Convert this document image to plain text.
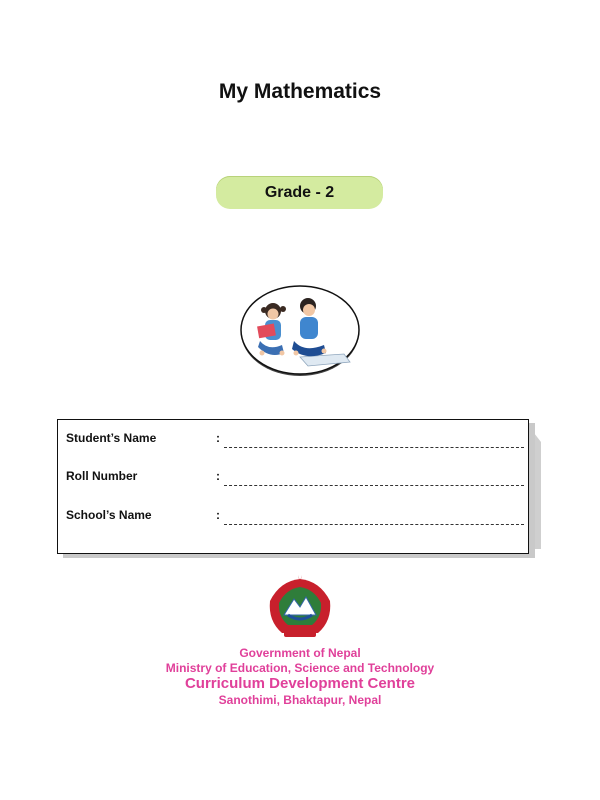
My Mathematics
Grade - 2
Student’s Name	:
Roll Number	:
School’s Name	:
Government of Nepal
Ministry of Education, Science and Technology
Curriculum Development Centre
Sanothimi, Bhaktapur, Nepal
